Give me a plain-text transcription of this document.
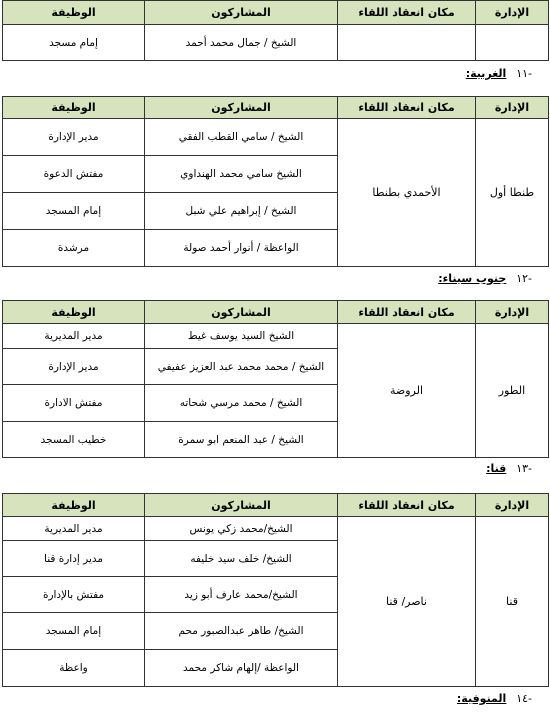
الإدارة	مكان انعقاد اللقاء	المشاركون	الوظيفة
		الشيخ / جمال محمد أحمد	إمام مسجد
-١١ الغربية:
الإدارة	مكان انعقاد اللقاء	المشاركون	الوظيفة
طنطا أول	الأحمدي بطنطا	الشيخ / سامي القطب الفقي	مدير الإدارة
		الشيخ سامي محمد الهنداوي	مفتش الدعوة
		الشيخ / إبراهيم علي شبل	إمام المسجد
		الواعظة / أنوار أحمد صولة	مرشدة
-١٢ جنوب سيناء:
الإدارة	مكان انعقاد اللقاء	المشاركون	الوظيفة
الطور	الروضة	الشيخ السيد يوسف غيط	مدير المديرية
		الشيخ / محمد محمد عبد العزيز عفيفي	مدير الإدارة
		الشيخ / محمد مرسي شحاته	مفتش الادارة
		الشيخ / عبد المنعم ابو سمرة	خطيب المسجد
-١٣ قنا:
الإدارة	مكان انعقاد اللقاء	المشاركون	الوظيفة
قنا	ناصر/ قنا	الشيخ/محمد زكي يونس	مدير المديرية
		الشيخ/ خلف سيد خليفه	مدير إدارة قنا
		الشيخ/محمد عارف أبو زيد	مفتش بالإدارة
		الشيخ/ طاهر عبدالصبور محم	إمام المسجد
		الواعظة /إلهام شاكر محمد	واعظة
-١٤ المنوفية:
